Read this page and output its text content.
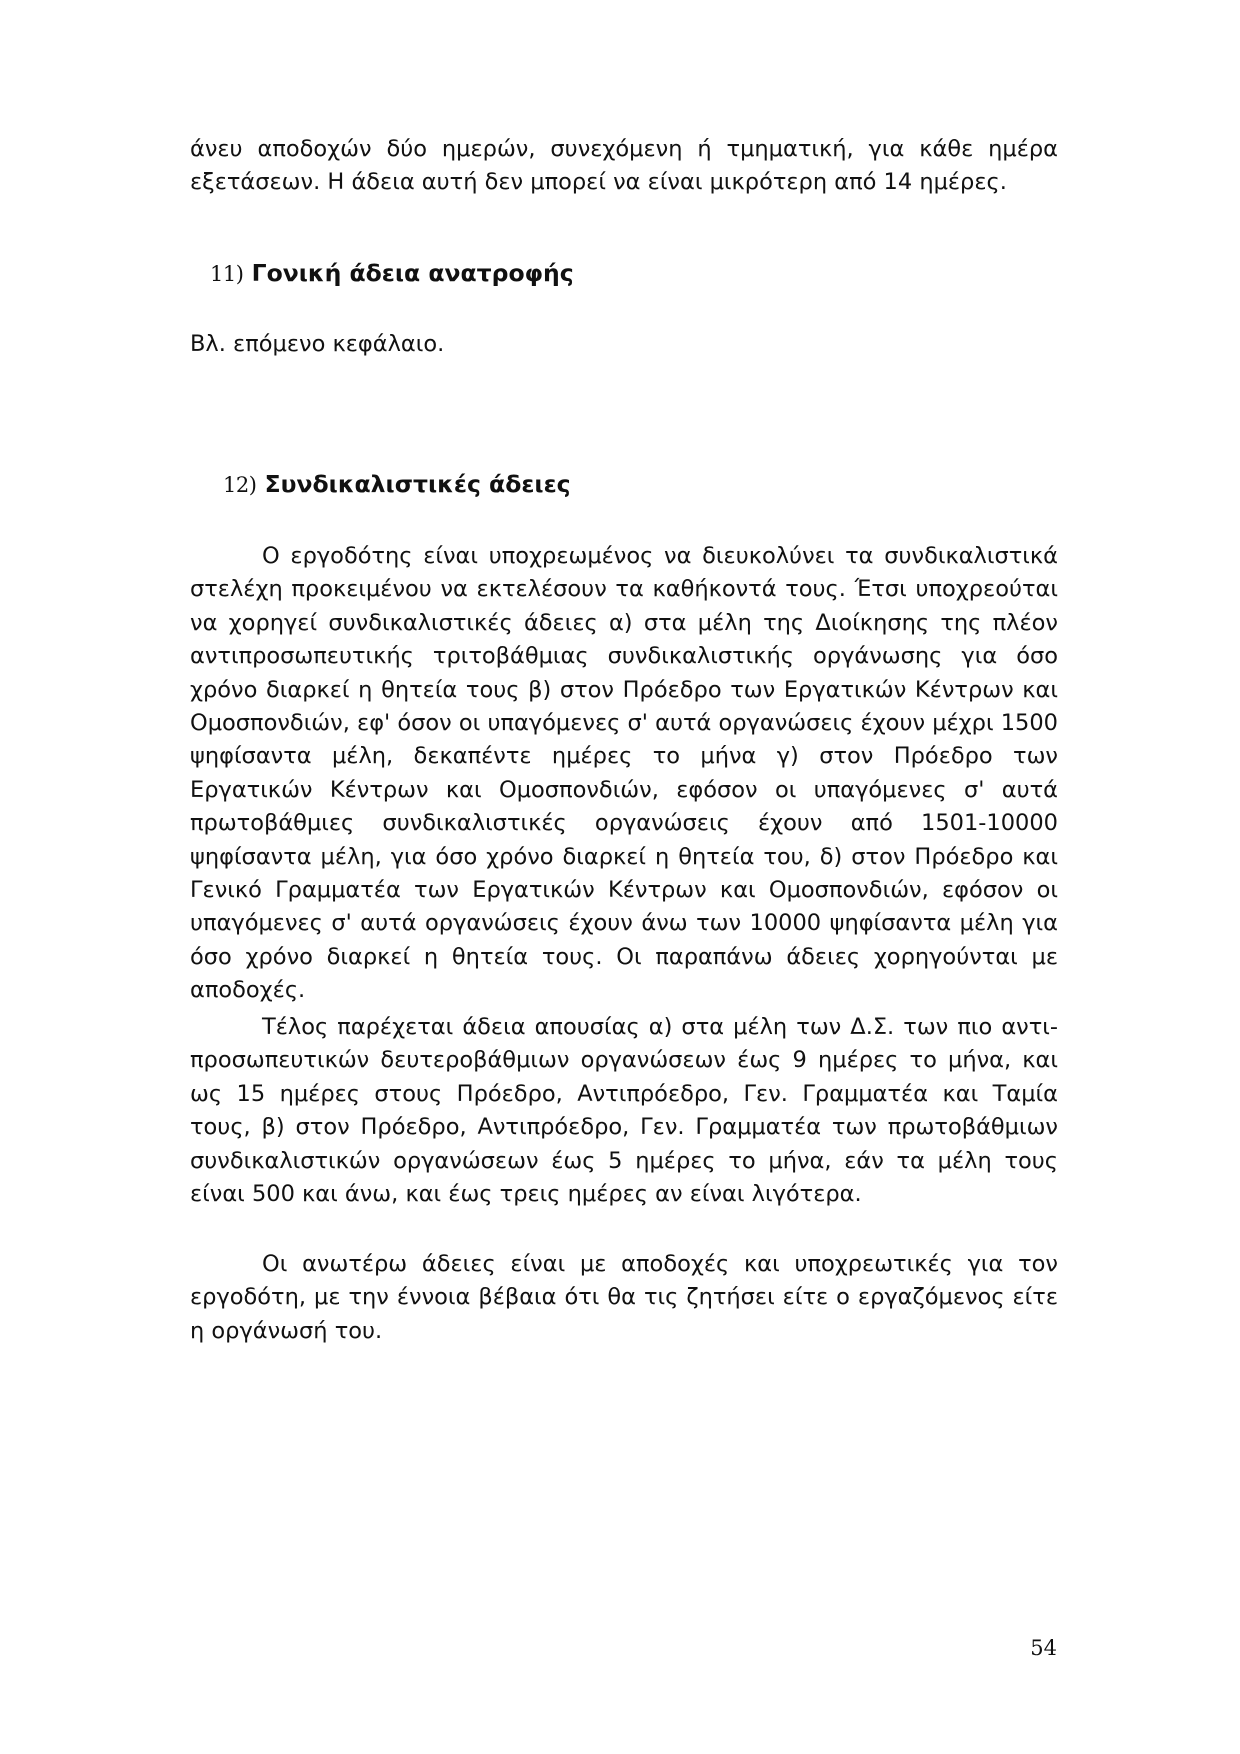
άνευ αποδοχών δύο ημερών, συνεχόμενη ή τμηματική, για κάθε ημέρα εξετάσεων. Η άδεια αυτή δεν μπορεί να είναι μικρότερη από 14 ημέρες.

11) Γονική άδεια ανατροφής

Βλ. επόμενο κεφάλαιο.

12) Συνδικαλιστικές άδειες

Ο εργοδότης είναι υποχρεωμένος να διευκολύνει τα συνδικαλιστικά στελέχη προκειμένου να εκτελέσουν τα καθήκοντά τους. Έτσι υποχρεούται να χορηγεί συνδικαλιστικές άδειες α) στα μέλη της Διοίκησης της πλέον αντιπροσωπευτικής τριτοβάθμιας συνδικαλιστικής οργάνωσης για όσο χρόνο διαρκεί η θητεία τους β) στον Πρόεδρο των Εργατικών Κέντρων και Ομοσπονδιών, εφ' όσον οι υπαγόμενες σ' αυτά οργανώσεις έχουν μέχρι 1500 ψηφίσαντα μέλη, δεκαπέντε ημέρες το μήνα γ) στον Πρόεδρο των Εργατικών Κέντρων και Ομοσπονδιών, εφόσον οι υπαγόμενες σ' αυτά πρωτοβάθμιες συνδικαλιστικές οργανώσεις έχουν από 1501-10000 ψηφίσαντα μέλη, για όσο χρόνο διαρκεί η θητεία του, δ) στον Πρόεδρο και Γενικό Γραμματέα των Εργατικών Κέντρων και Ομοσπονδιών, εφόσον οι υπαγόμενες σ' αυτά οργανώσεις έχουν άνω των 10000 ψηφίσαντα μέλη για όσο χρόνο διαρκεί η θητεία τους. Οι παραπάνω άδειες χορηγούνται με αποδοχές.

Τέλος παρέχεται άδεια απουσίας α) στα μέλη των Δ.Σ. των πιο αντι-προσωπευτικών δευτεροβάθμιων οργανώσεων έως 9 ημέρες το μήνα, και ως 15 ημέρες στους Πρόεδρο, Αντιπρόεδρο, Γεν. Γραμματέα και Ταμία τους, β) στον Πρόεδρο, Αντιπρόεδρο, Γεν. Γραμματέα των πρωτοβάθμιων συνδικαλιστικών οργανώσεων έως 5 ημέρες το μήνα, εάν τα μέλη τους είναι 500 και άνω, και έως τρεις ημέρες αν είναι λιγότερα.

Οι ανωτέρω άδειες είναι με αποδοχές και υποχρεωτικές για τον εργοδότη, με την έννοια βέβαια ότι θα τις ζητήσει είτε ο εργαζόμενος είτε η οργάνωσή του.

54
